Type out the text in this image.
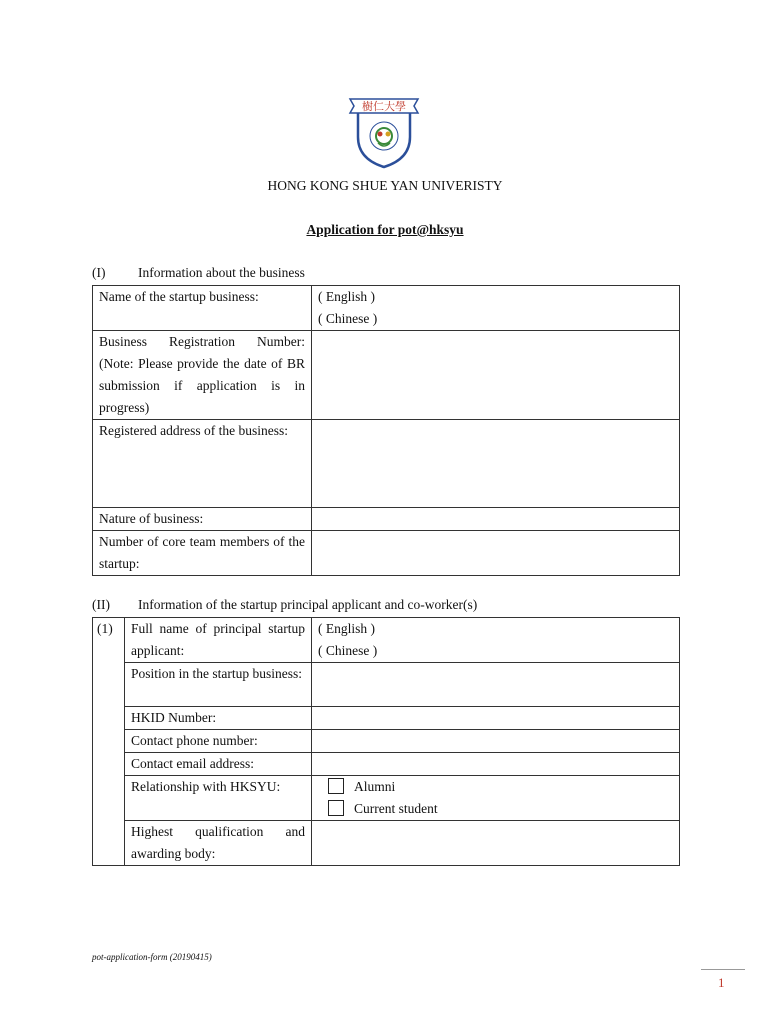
樹仁大學
HONG KONG SHUE YAN UNIVERISTY
Application for pot@hksyu
(I) Information about the business
Name of the startup business:	( English )
( Chinese )

Business Registration Number: (Note: Please provide the date of BR submission if application is in progress)	
Registered address of the business:	
Nature of business:	
Number of core team members of the startup:	
(II) Information of the startup principal applicant and co-worker(s)
(1)	Full name of principal startup applicant:	( English )
( Chinese )

	Position in the startup business:	
	HKID Number:	
	Contact phone number:	
	Contact email address:	
	Relationship with HKSYU:	Alumni
Current student

	Highest qualification and awarding body:	
pot-application-form (20190415)
1
